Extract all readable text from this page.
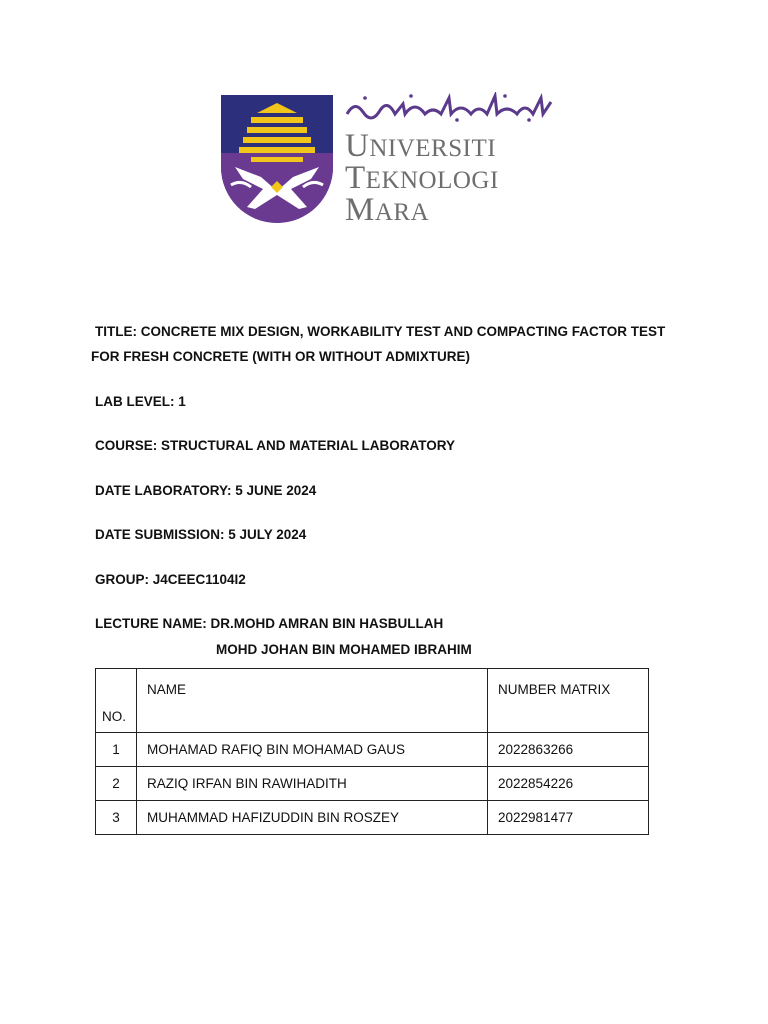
UNIVERSITI
TEKNOLOGI
MARA
TITLE: CONCRETE MIX DESIGN, WORKABILITY TEST AND COMPACTING FACTOR TEST
FOR FRESH CONCRETE (WITH OR WITHOUT ADMIXTURE)
LAB LEVEL: 1
COURSE: STRUCTURAL AND MATERIAL LABORATORY
DATE LABORATORY: 5 JUNE 2024
DATE SUBMISSION: 5 JULY 2024
GROUP: J4CEEC1104I2
LECTURE NAME: DR.MOHD AMRAN BIN HASBULLAH
MOHD JOHAN BIN MOHAMED IBRAHIM
NO.	NAME	NUMBER MATRIX
1	MOHAMAD RAFIQ BIN MOHAMAD GAUS	2022863266
2	RAZIQ IRFAN BIN RAWIHADITH	2022854226
3	MUHAMMAD HAFIZUDDIN BIN ROSZEY	2022981477
